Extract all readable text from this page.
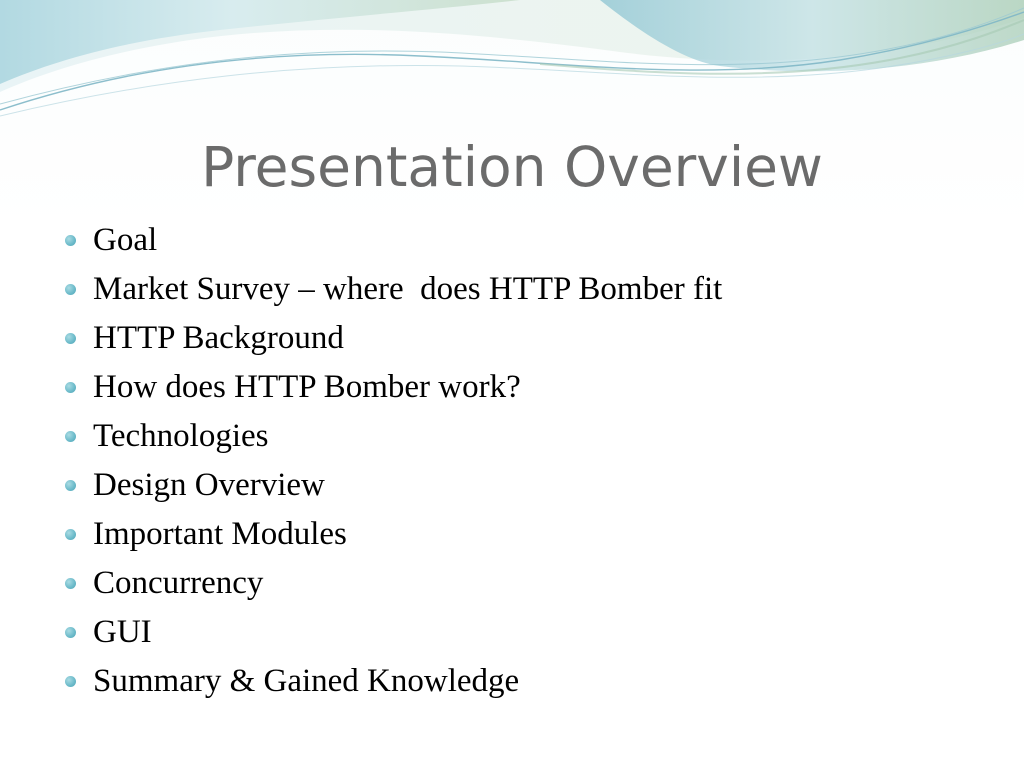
Presentation Overview
Goal
Market Survey – where  does HTTP Bomber fit
HTTP Background
How does HTTP Bomber work?
Technologies
Design Overview
Important Modules
Concurrency
GUI
Summary & Gained Knowledge
